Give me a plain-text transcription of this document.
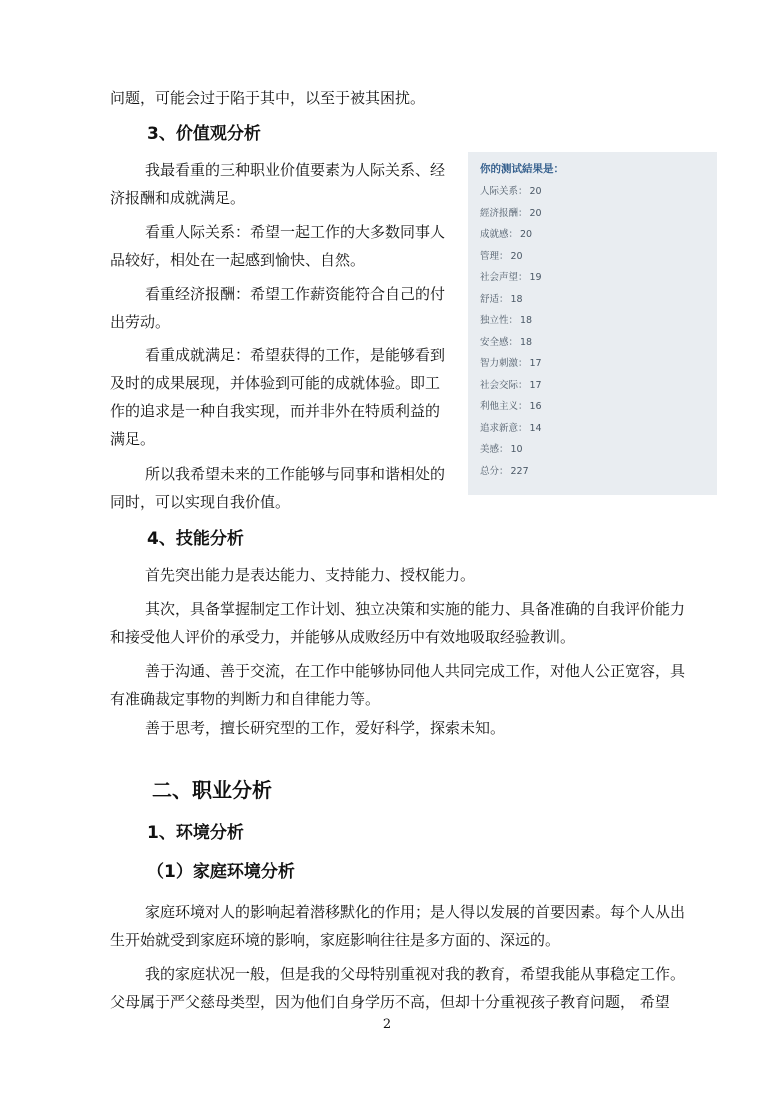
问题，可能会过于陷于其中，以至于被其困扰。
3、价值观分析
我最看重的三种职业价值要素为人际关系、经
济报酬和成就满足。
看重人际关系：希望一起工作的大多数同事人
品较好，相处在一起感到愉快、自然。
看重经济报酬：希望工作薪资能符合自己的付
出劳动。
看重成就满足：希望获得的工作，是能够看到
及时的成果展现，并体验到可能的成就体验。即工
作的追求是一种自我实现，而并非外在特质利益的
满足。
所以我希望未来的工作能够与同事和谐相处的
同时，可以实现自我价值。
你的测试結果是：
人际关系： 20
經济报酬： 20
成就感： 20
管理： 20
社会声望： 19
舒适： 18
独立性： 18
安全感： 18
智力刺激： 17
社会交际： 17
利他主义： 16
追求新意： 14
美感： 10
总分： 227
4、技能分析
首先突出能力是表达能力、支持能力、授权能力。
其次，具备掌握制定工作计划、独立决策和实施的能力、具备准确的自我评价能力
和接受他人评价的承受力，并能够从成败经历中有效地吸取经验教训。
善于沟通、善于交流，在工作中能够协同他人共同完成工作，对他人公正宽容，具
有准确裁定事物的判断力和自律能力等。
善于思考，擅长研究型的工作，爱好科学，探索未知。
二、职业分析
1、环境分析
（1）家庭环境分析
家庭环境对人的影响起着潜移默化的作用；是人得以发展的首要因素。每个人从出
生开始就受到家庭环境的影响，家庭影响往往是多方面的、深远的。
我的家庭状况一般，但是我的父母特别重视对我的教育，希望我能从事稳定工作。
父母属于严父慈母类型，因为他们自身学历不高，但却十分重视孩子教育问题， 希望
2
